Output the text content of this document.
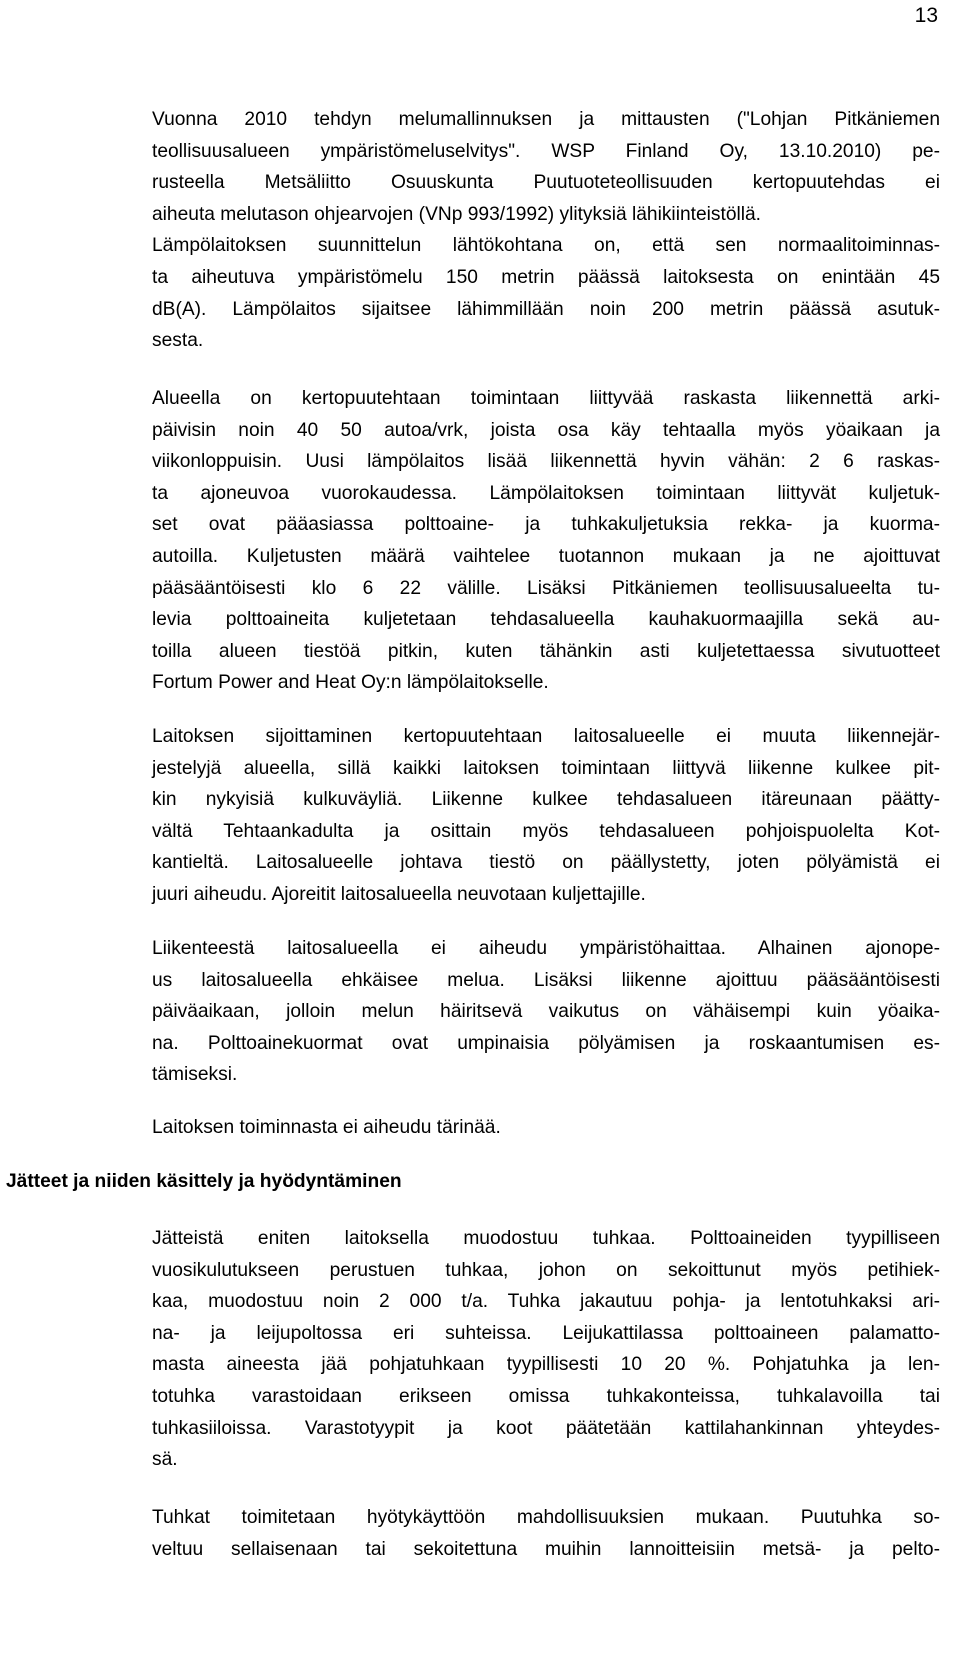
13
Vuonna 2010 tehdyn melumallinnuksen ja mittausten ("Lohjan Pitkäniemen
teollisuusalueen ympäristömeluselvitys". WSP Finland Oy, 13.10.2010) pe-
rusteella Metsäliitto Osuuskunta Puutuoteteollisuuden kertopuutehdas ei
aiheuta melutason ohjearvojen (VNp 993/1992) ylityksiä lähikiinteistöllä.
Lämpölaitoksen suunnittelun lähtökohtana on, että sen normaalitoiminnas-
ta aiheutuva ympäristömelu 150 metrin päässä laitoksesta on enintään 45
dB(A). Lämpölaitos sijaitsee lähimmillään noin 200 metrin päässä asutuk-
sesta.
Alueella on kertopuutehtaan toimintaan liittyvää raskasta liikennettä arki-
päivisin noin 40 50 autoa/vrk, joista osa käy tehtaalla myös yöaikaan ja
viikonloppuisin. Uusi lämpölaitos lisää liikennettä hyvin vähän: 2 6 raskas-
ta ajoneuvoa vuorokaudessa. Lämpölaitoksen toimintaan liittyvät kuljetuk-
set ovat pääasiassa polttoaine- ja tuhkakuljetuksia rekka- ja kuorma-
autoilla. Kuljetusten määrä vaihtelee tuotannon mukaan ja ne ajoittuvat
pääsääntöisesti klo 6 22 välille. Lisäksi Pitkäniemen teollisuusalueelta tu-
levia polttoaineita kuljetetaan tehdasalueella kauhakuormaajilla sekä au-
toilla alueen tiestöä pitkin, kuten tähänkin asti kuljetettaessa sivutuotteet
Fortum Power and Heat Oy:n lämpölaitokselle.
Laitoksen sijoittaminen kertopuutehtaan laitosalueelle ei muuta liikennejär-
jestelyjä alueella, sillä kaikki laitoksen toimintaan liittyvä liikenne kulkee pit-
kin nykyisiä kulkuväyliä. Liikenne kulkee tehdasalueen itäreunaan päätty-
vältä Tehtaankadulta ja osittain myös tehdasalueen pohjoispuolelta Kot-
kantieltä. Laitosalueelle johtava tiestö on päällystetty, joten pölyämistä ei
juuri aiheudu. Ajoreitit laitosalueella neuvotaan kuljettajille.
Liikenteestä laitosalueella ei aiheudu ympäristöhaittaa. Alhainen ajonope-
us laitosalueella ehkäisee melua. Lisäksi liikenne ajoittuu pääsääntöisesti
päiväaikaan, jolloin melun häiritsevä vaikutus on vähäisempi kuin yöaika-
na. Polttoainekuormat ovat umpinaisia pölyämisen ja roskaantumisen es-
tämiseksi.
Laitoksen toiminnasta ei aiheudu tärinää.
Jätteet ja niiden käsittely ja hyödyntäminen
Jätteistä eniten laitoksella muodostuu tuhkaa. Polttoaineiden tyypilliseen
vuosikulutukseen perustuen tuhkaa, johon on sekoittunut myös petihiek-
kaa, muodostuu noin 2 000 t/a. Tuhka jakautuu pohja- ja lentotuhkaksi ari-
na- ja leijupoltossa eri suhteissa. Leijukattilassa polttoaineen palamatto-
masta aineesta jää pohjatuhkaan tyypillisesti 10 20 %. Pohjatuhka ja len-
totuhka varastoidaan erikseen omissa tuhkakonteissa, tuhkalavoilla tai
tuhkasiiloissa. Varastotyypit ja koot päätetään kattilahankinnan yhteydes-
sä.
Tuhkat toimitetaan hyötykäyttöön mahdollisuuksien mukaan. Puutuhka so-
veltuu sellaisenaan tai sekoitettuna muihin lannoitteisiin metsä- ja pelto-
